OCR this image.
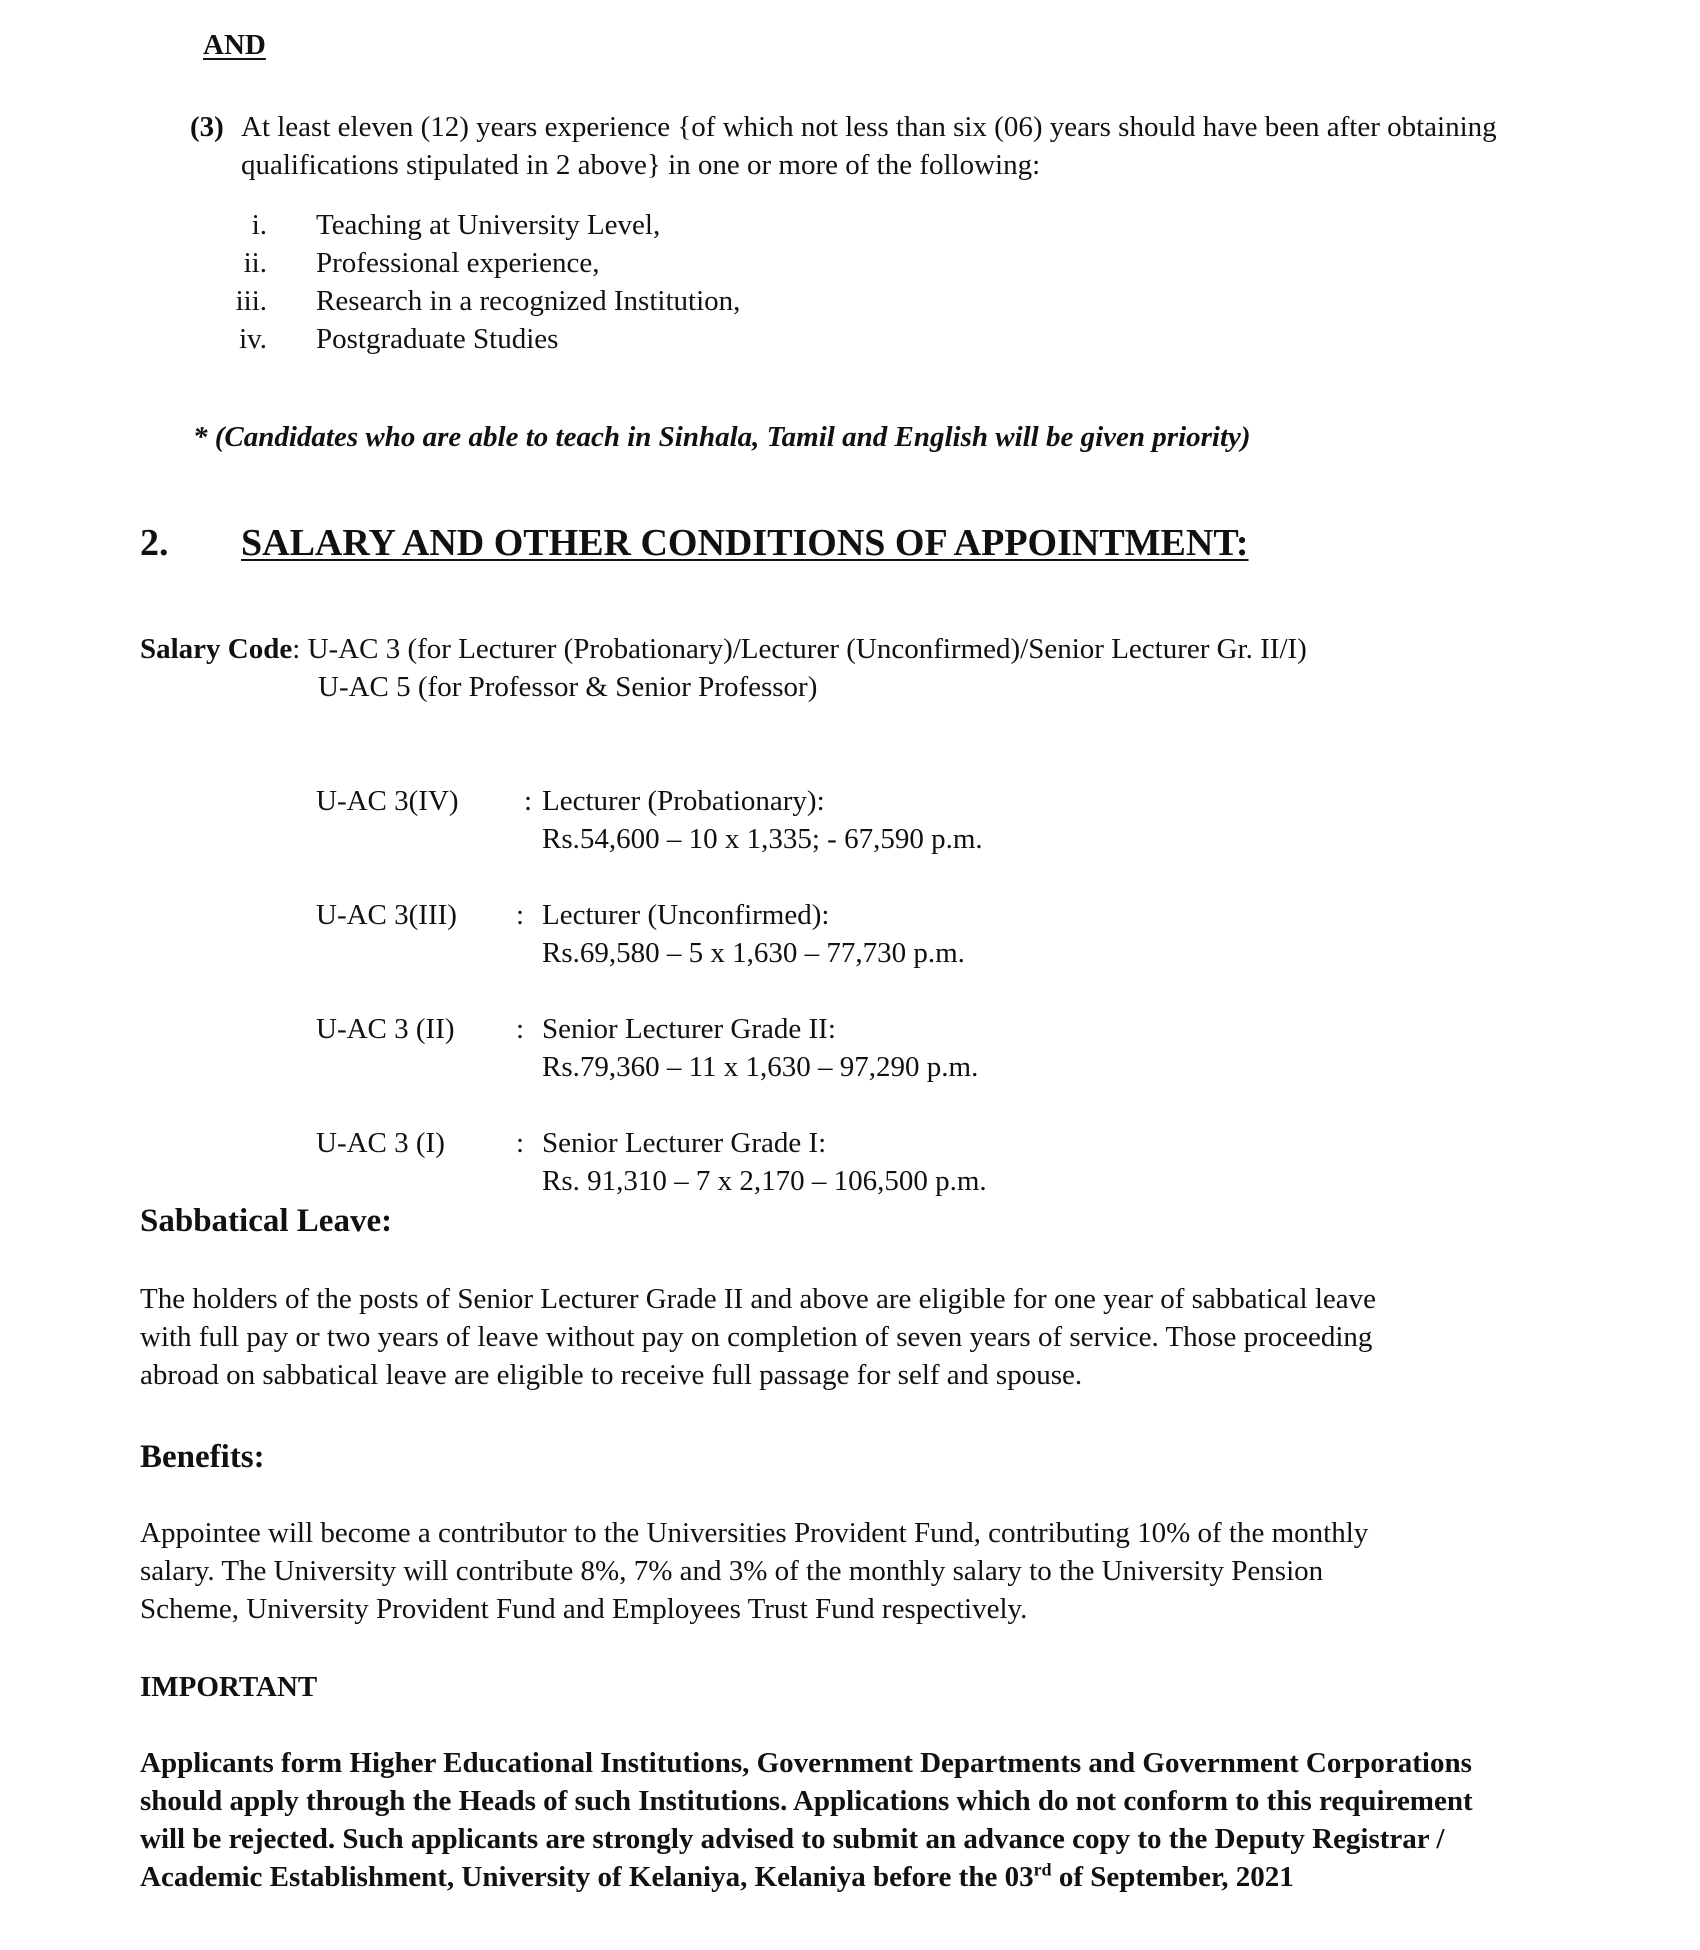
AND
(3) At least eleven (12) years experience {of which not less than six (06) years should have been after obtaining
qualifications stipulated in 2 above} in one or more of the following:
i. Teaching at University Level,
ii. Professional experience,
iii. Research in a recognized Institution,
iv. Postgraduate Studies
* (Candidates who are able to teach in Sinhala, Tamil and English will be given priority)
2. SALARY AND OTHER CONDITIONS OF APPOINTMENT:
Salary Code: U-AC 3 (for Lecturer (Probationary)/Lecturer (Unconfirmed)/Senior Lecturer Gr. II/I)
U-AC 5 (for Professor & Senior Professor)
U-AC 3(IV) : Lecturer (Probationary):
Rs.54,600 – 10 x 1,335; - 67,590 p.m.
U-AC 3(III) : Lecturer (Unconfirmed):
Rs.69,580 – 5 x 1,630 – 77,730 p.m.
U-AC 3 (II) : Senior Lecturer Grade II:
Rs.79,360 – 11 x 1,630 – 97,290 p.m.
U-AC 3 (I) : Senior Lecturer Grade I:
Rs. 91,310 – 7 x 2,170 – 106,500 p.m.
Sabbatical Leave:
The holders of the posts of Senior Lecturer Grade II and above are eligible for one year of sabbatical leave
with full pay or two years of leave without pay on completion of seven years of service. Those proceeding
abroad on sabbatical leave are eligible to receive full passage for self and spouse.
Benefits:
Appointee will become a contributor to the Universities Provident Fund, contributing 10% of the monthly
salary. The University will contribute 8%, 7% and 3% of the monthly salary to the University Pension
Scheme, University Provident Fund and Employees Trust Fund respectively.
IMPORTANT
Applicants form Higher Educational Institutions, Government Departments and Government Corporations
should apply through the Heads of such Institutions. Applications which do not conform to this requirement
will be rejected. Such applicants are strongly advised to submit an advance copy to the Deputy Registrar /
Academic Establishment, University of Kelaniya, Kelaniya before the 03rd of September, 2021
